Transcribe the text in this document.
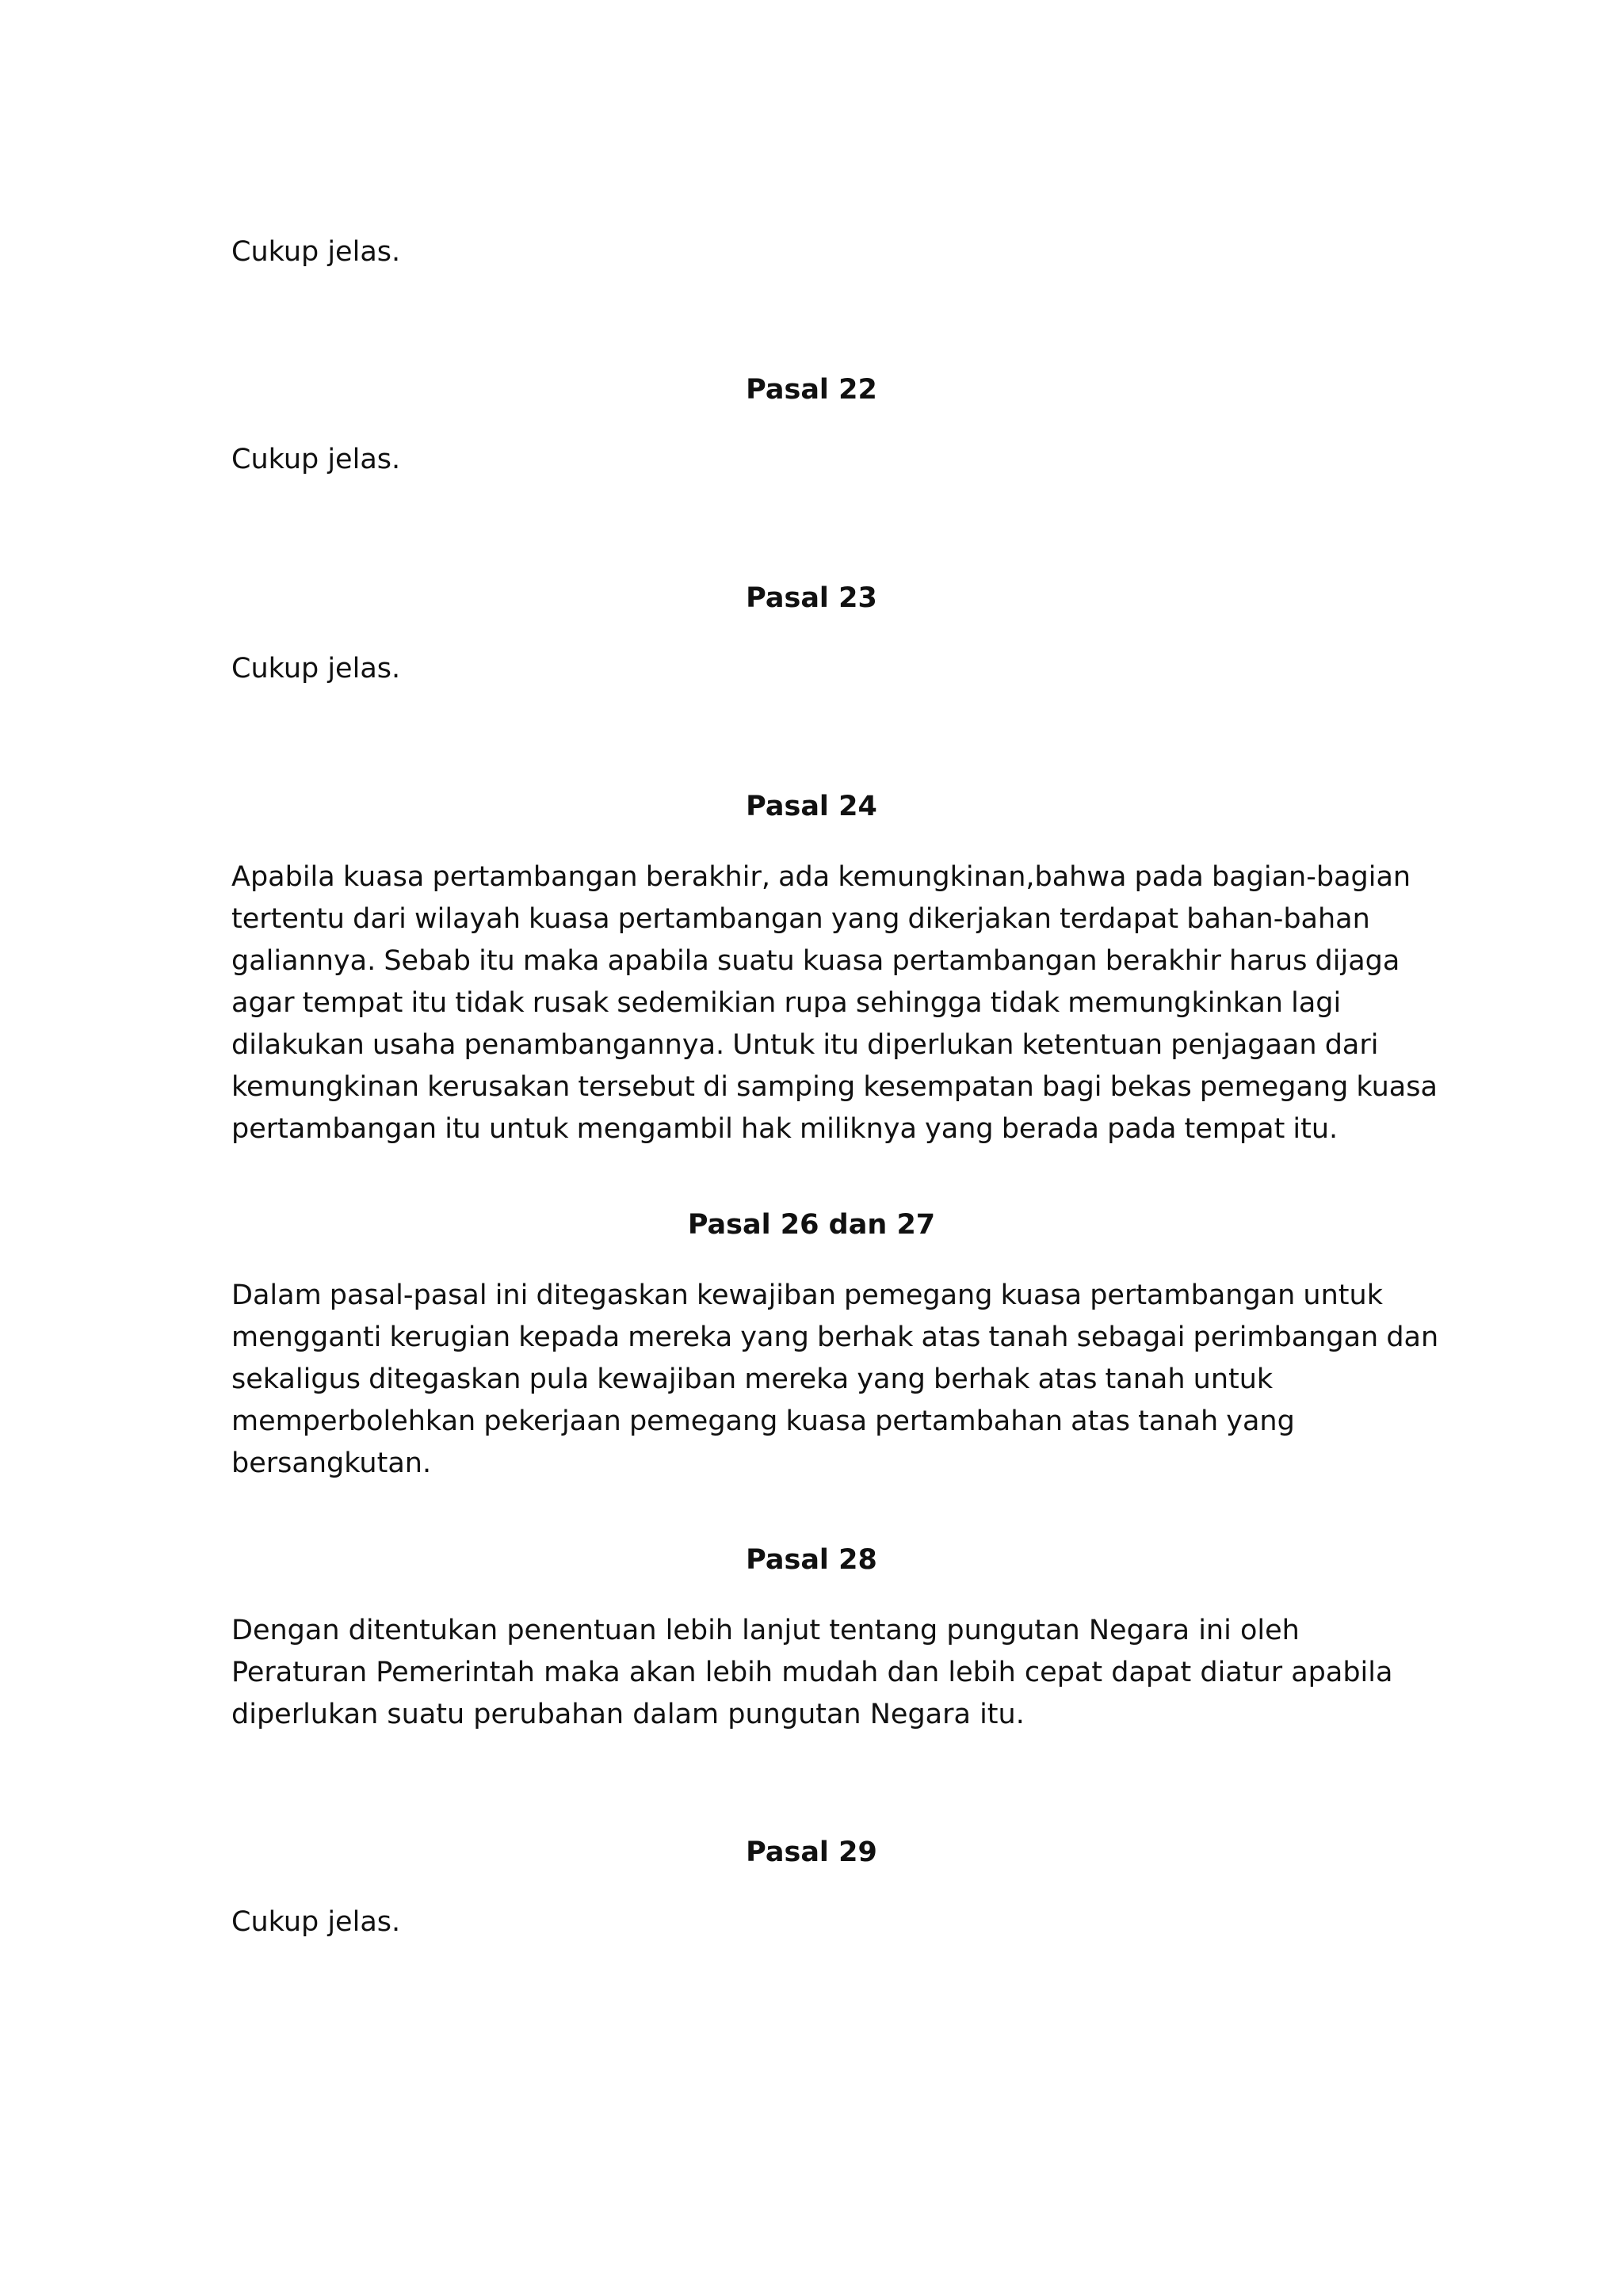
Cukup jelas.

Pasal 22

Cukup jelas.

Pasal 23

Cukup jelas.

Pasal 24

Apabila kuasa pertambangan berakhir, ada kemungkinan,bahwa pada bagian-bagian tertentu dari wilayah kuasa pertambangan yang dikerjakan terdapat bahan-bahan galiannya. Sebab itu maka apabila suatu kuasa pertambangan berakhir harus dijaga agar tempat itu tidak rusak sedemikian rupa sehingga tidak memungkinkan lagi dilakukan usaha penambangannya. Untuk itu diperlukan ketentuan penjagaan dari kemungkinan kerusakan tersebut di samping kesempatan bagi bekas pemegang kuasa pertambangan itu untuk mengambil hak miliknya yang berada pada tempat itu.

Pasal 26 dan 27

Dalam pasal-pasal ini ditegaskan kewajiban pemegang kuasa pertambangan untuk mengganti kerugian kepada mereka yang berhak atas tanah sebagai perimbangan dan sekaligus ditegaskan pula kewajiban mereka yang berhak atas tanah untuk memperbolehkan pekerjaan pemegang kuasa pertambahan atas tanah yang bersangkutan.

Pasal 28

Dengan ditentukan penentuan lebih lanjut tentang pungutan Negara ini oleh Peraturan Pemerintah maka akan lebih mudah dan lebih cepat dapat diatur apabila diperlukan suatu perubahan dalam pungutan Negara itu.

Pasal 29

Cukup jelas.
